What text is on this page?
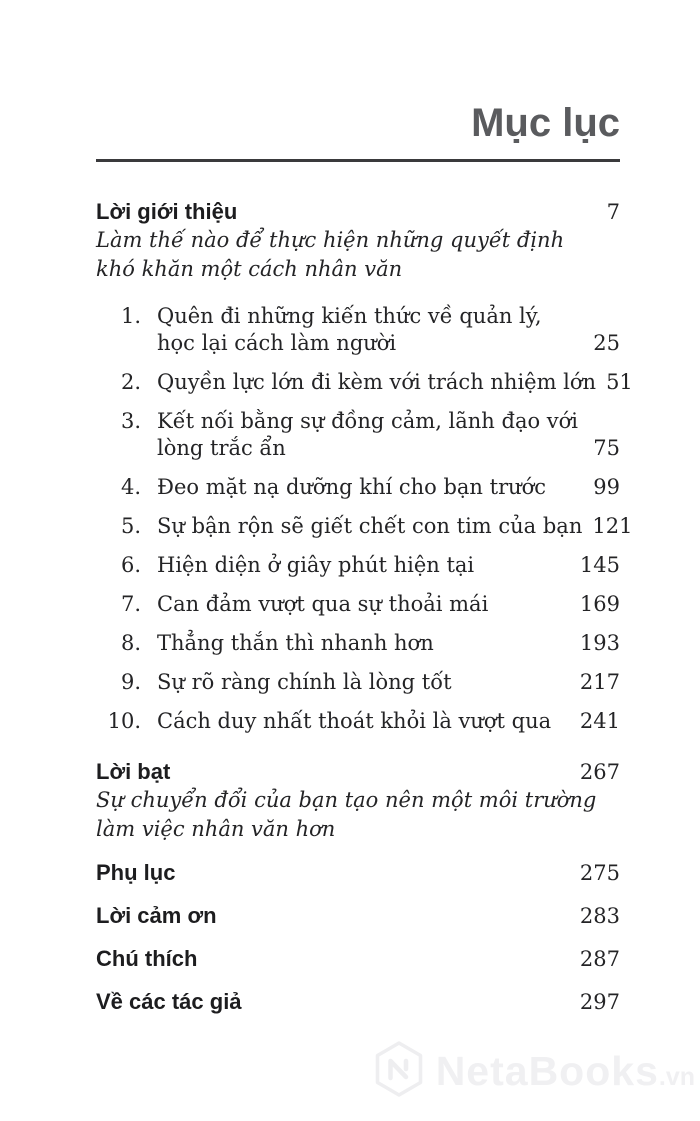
Mục lục
Lời giới thiệu	7
Làm thế nào để thực hiện những quyết định
khó khăn một cách nhân văn
1. Quên đi những kiến thức về quản lý,
học lại cách làm người	25
2. Quyền lực lớn đi kèm với trách nhiệm lớn 51
3. Kết nối bằng sự đồng cảm, lãnh đạo với
lòng trắc ẩn	75
4. Đeo mặt nạ dưỡng khí cho bạn trước	99
5. Sự bận rộn sẽ giết chết con tim của bạn 121
6. Hiện diện ở giây phút hiện tại	145
7. Can đảm vượt qua sự thoải mái	169
8. Thẳng thắn thì nhanh hơn	193
9. Sự rõ ràng chính là lòng tốt	217
10. Cách duy nhất thoát khỏi là vượt qua	241
Lời bạt	267
Sự chuyển đổi của bạn tạo nên một môi trường
làm việc nhân văn hơn
Phụ lục	275
Lời cảm ơn	283
Chú thích	287
Về các tác giả	297
NetaBooks.vn
